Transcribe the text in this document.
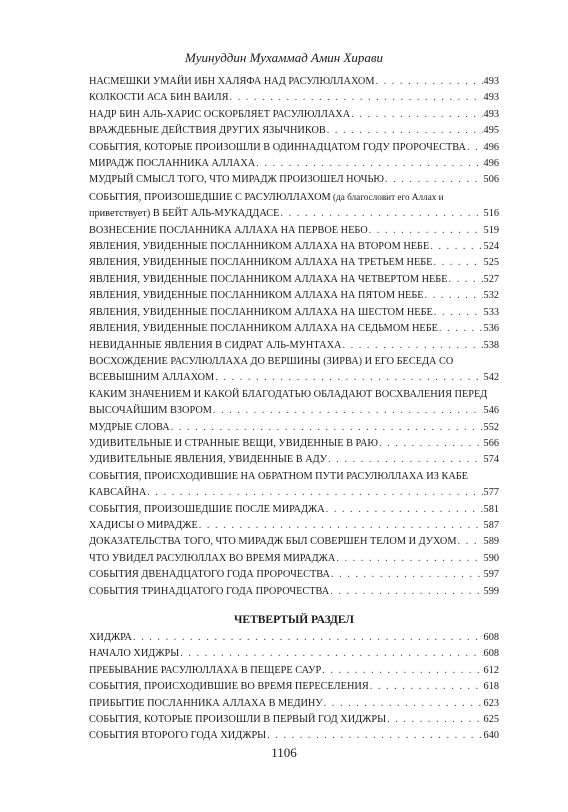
Муинуддин Мухаммад Амин Хирави
НАСМЕШКИ УМАЙИ ИБН ХАЛЯФА НАД РАСУЛЮЛЛАХОМ . . .	493
КОЛКОСТИ АСА БИН ВАИЛЯ . . .	493
НАДР БИН АЛЬ-ХАРИС ОСКОРБЛЯЕТ РАСУЛЮЛЛАХА . . .	493
ВРАЖДЕБНЫЕ ДЕЙСТВИЯ ДРУГИХ ЯЗЫЧНИКОВ . . .	495
СОБЫТИЯ, КОТОРЫЕ ПРОИЗОШЛИ В ОДИННАДЦАТОМ ГОДУ ПРОРОЧЕСТВА . . . 496
МИРАДЖ ПОСЛАННИКА АЛЛАХА . . .	496
МУДРЫЙ СМЫСЛ ТОГО, ЧТО МИРАДЖ ПРОИЗОШЕЛ НОЧЬЮ . . .	506
СОБЫТИЯ, ПРОИЗОШЕДШИЕ С РАСУЛЮЛЛАХОМ (да благословит его Аллах и
приветствует) В БЕЙТ АЛЬ-МУКАДДАСЕ . . .	516
ВОЗНЕСЕНИЕ ПОСЛАННИКА АЛЛАХА НА ПЕРВОЕ НЕБО . . .	519
ЯВЛЕНИЯ, УВИДЕННЫЕ ПОСЛАННИКОМ АЛЛАХА НА ВТОРОМ НЕБЕ . . .	524
ЯВЛЕНИЯ, УВИДЕННЫЕ ПОСЛАННИКОМ АЛЛАХА НА ТРЕТЬЕМ НЕБЕ . . .	525
ЯВЛЕНИЯ, УВИДЕННЫЕ ПОСЛАННИКОМ АЛЛАХА НА ЧЕТВЕРТОМ НЕБЕ . . .	527
ЯВЛЕНИЯ, УВИДЕННЫЕ ПОСЛАННИКОМ АЛЛАХА НА ПЯТОМ НЕБЕ . . .	532
ЯВЛЕНИЯ, УВИДЕННЫЕ ПОСЛАННИКОМ АЛЛАХА НА ШЕСТОМ НЕБЕ . . .	533
ЯВЛЕНИЯ, УВИДЕННЫЕ ПОСЛАННИКОМ АЛЛАХА НА СЕДЬМОМ НЕБЕ . . .	536
НЕВИДАННЫЕ ЯВЛЕНИЯ В СИДРАТ АЛЬ-МУНТАХА . . .	538
ВОСХОЖДЕНИЕ РАСУЛЮЛЛАХА ДО ВЕРШИНЫ (ЗИРВА) И ЕГО БЕСЕДА СО
ВСЕВЫШНИМ АЛЛАХОМ . . .	542
КАКИМ ЗНАЧЕНИЕМ И КАКОЙ БЛАГОДАТЬЮ ОБЛАДАЮТ ВОСХВАЛЕНИЯ ПЕРЕД
ВЫСОЧАЙШИМ ВЗОРОМ . . .	546
МУДРЫЕ СЛОВА . . .	552
УДИВИТЕЛЬНЫЕ И СТРАННЫЕ ВЕЩИ, УВИДЕННЫЕ В РАЮ . . .	566
УДИВИТЕЛЬНЫЕ ЯВЛЕНИЯ, УВИДЕННЫЕ В АДУ . . .	574
СОБЫТИЯ, ПРОИСХОДИВШИЕ НА ОБРАТНОМ ПУТИ РАСУЛЮЛЛАХА ИЗ КАБЕ
КАВСАЙНА . . .	577
СОБЫТИЯ, ПРОИЗОШЕДШИЕ ПОСЛЕ МИРАДЖА . . .	581
ХАДИСЫ О МИРАДЖЕ . . .	587
ДОКАЗАТЕЛЬСТВА ТОГО, ЧТО МИРАДЖ БЫЛ СОВЕРШЕН ТЕЛОМ И ДУХОМ . . .	589
ЧТО УВИДЕЛ РАСУЛЮЛЛАХ ВО ВРЕМЯ МИРАДЖА . . .	590
СОБЫТИЯ ДВЕНАДЦАТОГО ГОДА ПРОРОЧЕСТВА . . .	597
СОБЫТИЯ ТРИНАДЦАТОГО ГОДА ПРОРОЧЕСТВА . . .	599
ЧЕТВЕРТЫЙ РАЗДЕЛ
ХИДЖРА . . .	608
НАЧАЛО ХИДЖРЫ . . .	608
ПРЕБЫВАНИЕ РАСУЛЮЛЛАХА В ПЕЩЕРЕ САУР . . .	612
СОБЫТИЯ, ПРОИСХОДИВШИЕ ВО ВРЕМЯ ПЕРЕСЕЛЕНИЯ . . .	618
ПРИБЫТИЕ ПОСЛАННИКА АЛЛАХА В МЕДИНУ . . .	623
СОБЫТИЯ, КОТОРЫЕ ПРОИЗОШЛИ В ПЕРВЫЙ ГОД ХИДЖРЫ . . .	625
СОБЫТИЯ ВТОРОГО ГОДА ХИДЖРЫ . . .	640
1106
